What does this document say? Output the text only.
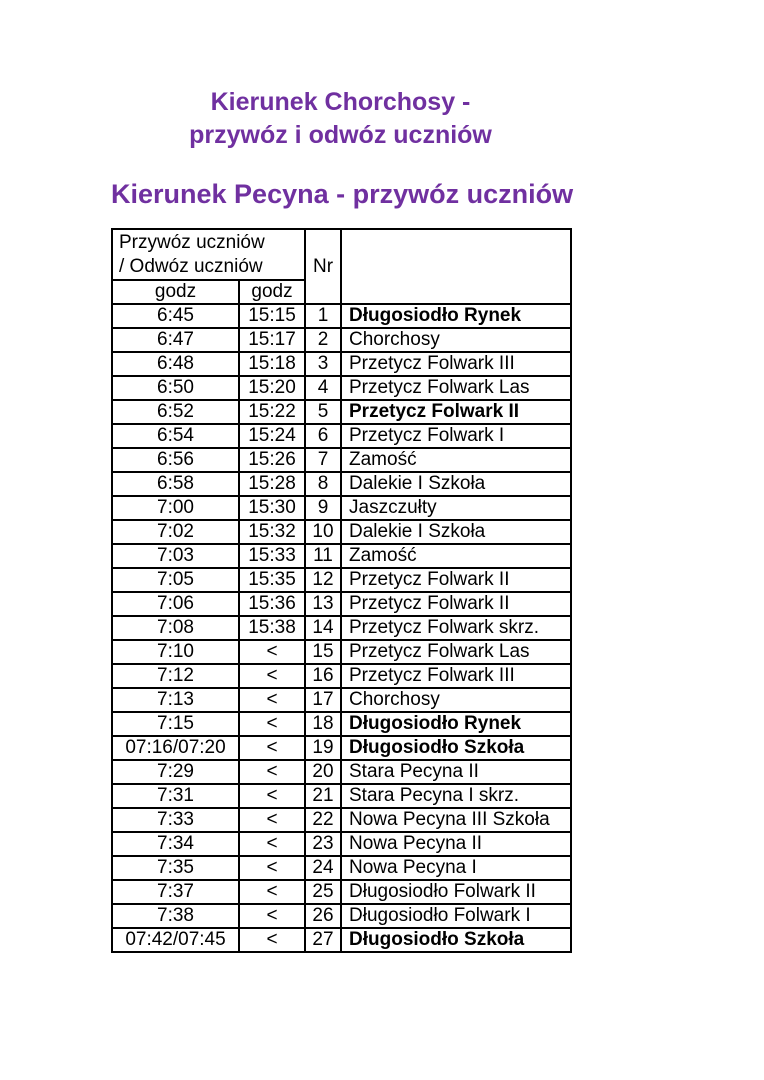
Kierunek Chorchosy -
przywóz i odwóz uczniów
Kierunek Pecyna - przywóz uczniów
Przywóz uczniów
/ Odwóz uczniów		Nr	
godz	godz		
6:45	15:15	1	Długosiodło Rynek
6:47	15:17	2	Chorchosy
6:48	15:18	3	Przetycz Folwark III
6:50	15:20	4	Przetycz Folwark Las
6:52	15:22	5	Przetycz Folwark II
6:54	15:24	6	Przetycz Folwark I
6:56	15:26	7	Zamość
6:58	15:28	8	Dalekie I Szkoła
7:00	15:30	9	Jaszczułty
7:02	15:32	10	Dalekie I Szkoła
7:03	15:33	11	Zamość
7:05	15:35	12	Przetycz Folwark II
7:06	15:36	13	Przetycz Folwark II
7:08	15:38	14	Przetycz Folwark skrz.
7:10	<	15	Przetycz Folwark Las
7:12	<	16	Przetycz Folwark III
7:13	<	17	Chorchosy
7:15	<	18	Długosiodło Rynek
07:16/07:20	<	19	Długosiodło Szkoła
7:29	<	20	Stara Pecyna II
7:31	<	21	Stara Pecyna I skrz.
7:33	<	22	Nowa Pecyna III Szkoła
7:34	<	23	Nowa Pecyna II
7:35	<	24	Nowa Pecyna I
7:37	<	25	Długosiodło Folwark II
7:38	<	26	Długosiodło Folwark I
07:42/07:45	<	27	Długosiodło Szkoła
